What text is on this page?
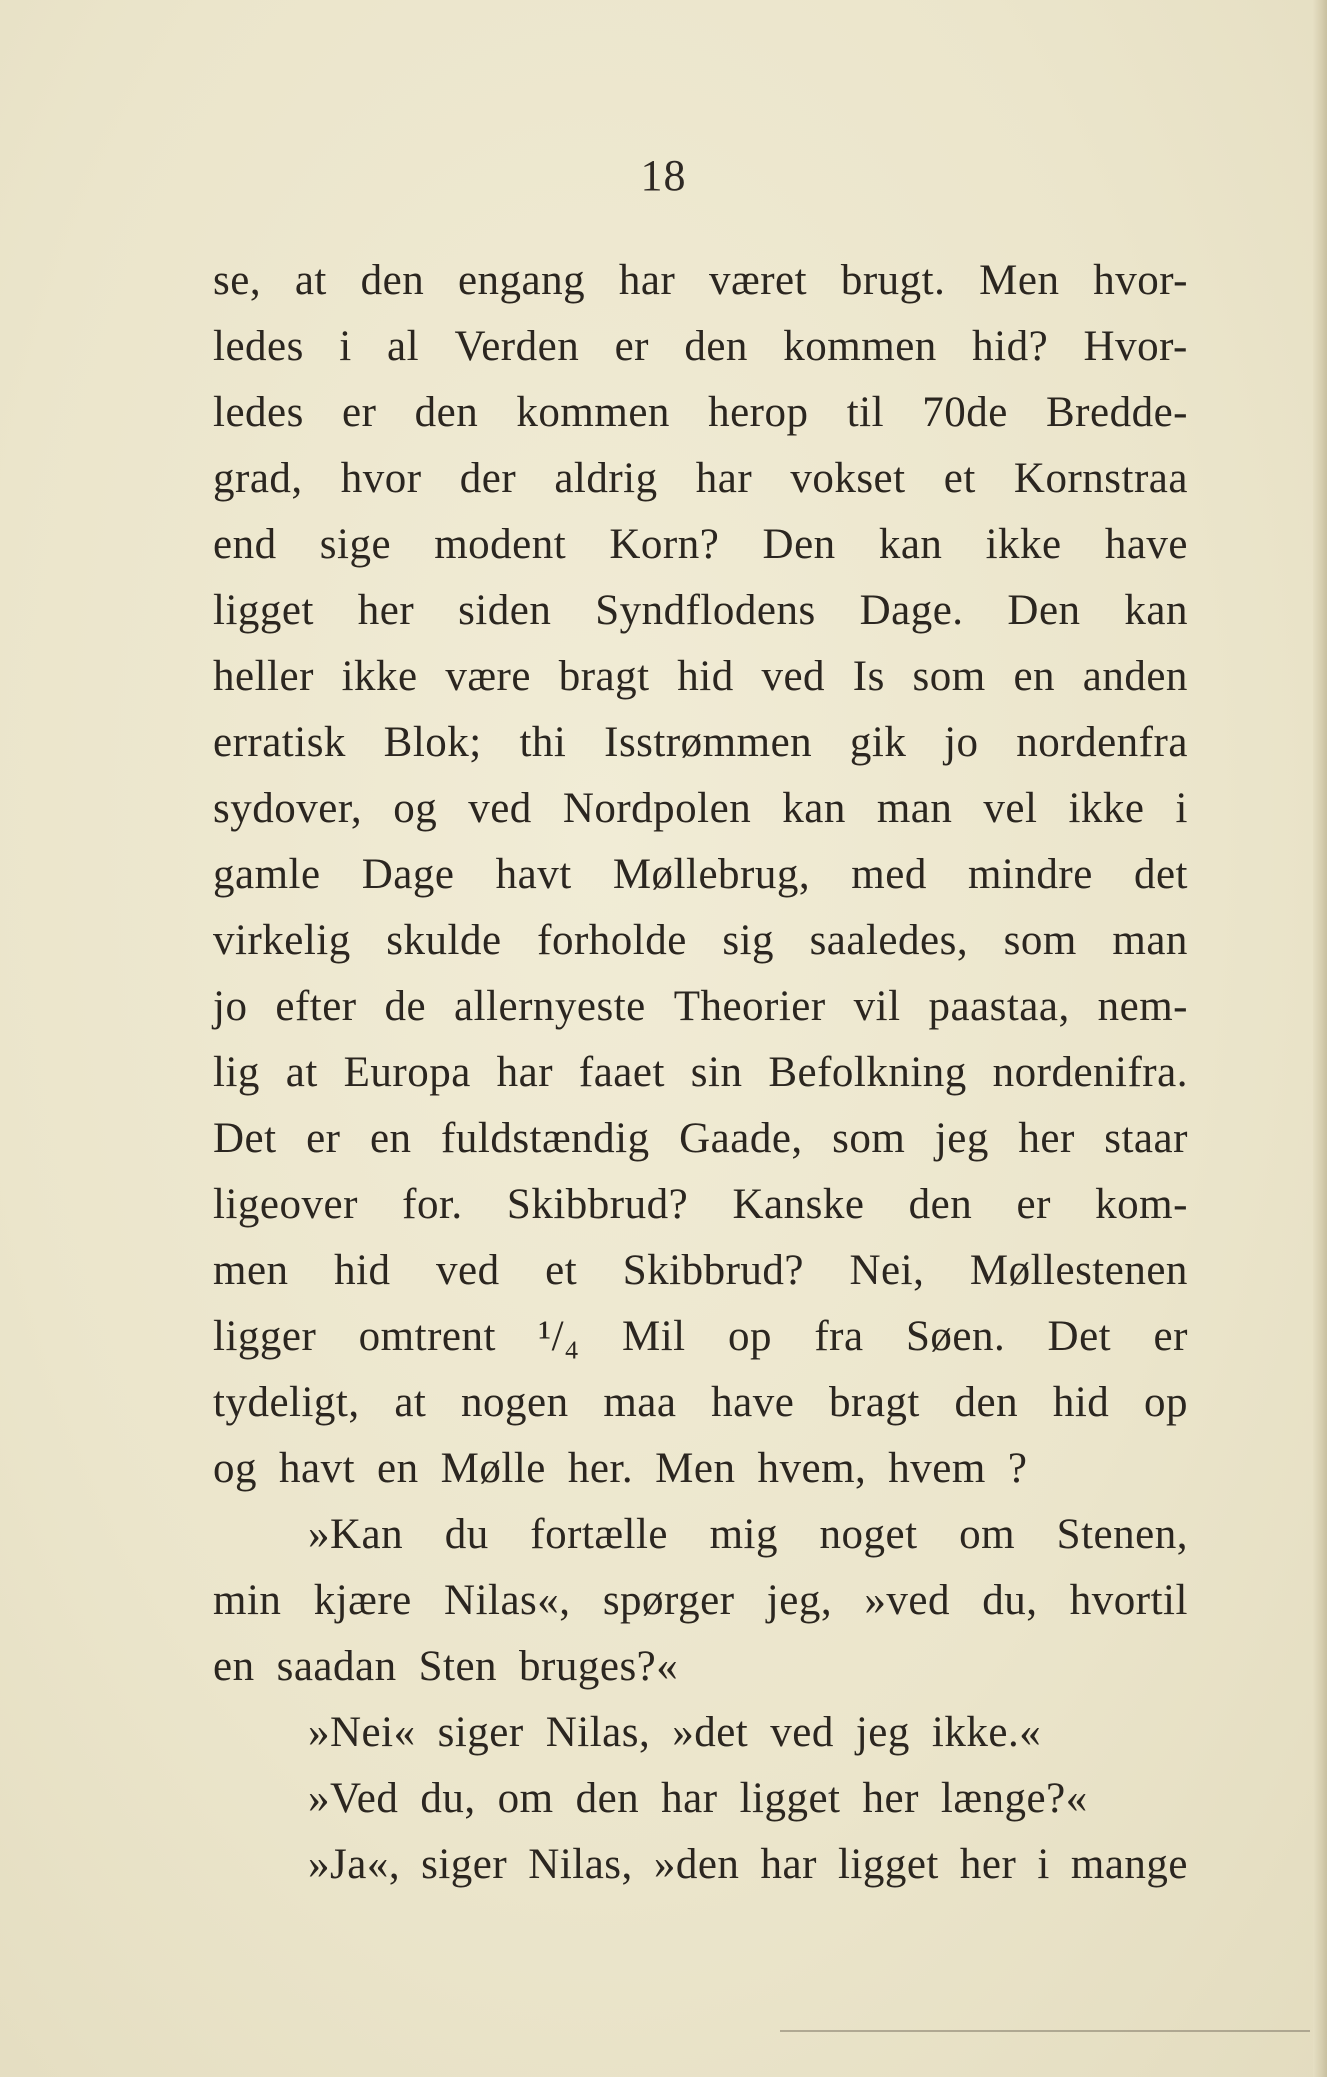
18
se, at den engang har været brugt. Men hvor-
ledes i al Verden er den kommen hid? Hvor-
ledes er den kommen herop til 70de Bredde-
grad, hvor der aldrig har vokset et Kornstraa
end sige modent Korn? Den kan ikke have
ligget her siden Syndflodens Dage. Den kan
heller ikke være bragt hid ved Is som en anden
erratisk Blok; thi Isstrømmen gik jo nordenfra
sydover, og ved Nordpolen kan man vel ikke i
gamle Dage havt Møllebrug, med mindre det
virkelig skulde forholde sig saaledes, som man
jo efter de allernyeste Theorier vil paastaa, nem-
lig at Europa har faaet sin Befolkning nordenifra.
Det er en fuldstændig Gaade, som jeg her staar
ligeover for. Skibbrud? Kanske den er kom-
men hid ved et Skibbrud? Nei, Møllestenen
ligger omtrent ¹/₄ Mil op fra Søen. Det er
tydeligt, at nogen maa have bragt den hid op
og havt en Mølle her. Men hvem, hvem ?
»Kan du fortælle mig noget om Stenen,
min kjære Nilas«, spørger jeg, »ved du, hvortil
en saadan Sten bruges?«
»Nei« siger Nilas, »det ved jeg ikke.«
»Ved du, om den har ligget her længe?«
»Ja«, siger Nilas, »den har ligget her i mange
